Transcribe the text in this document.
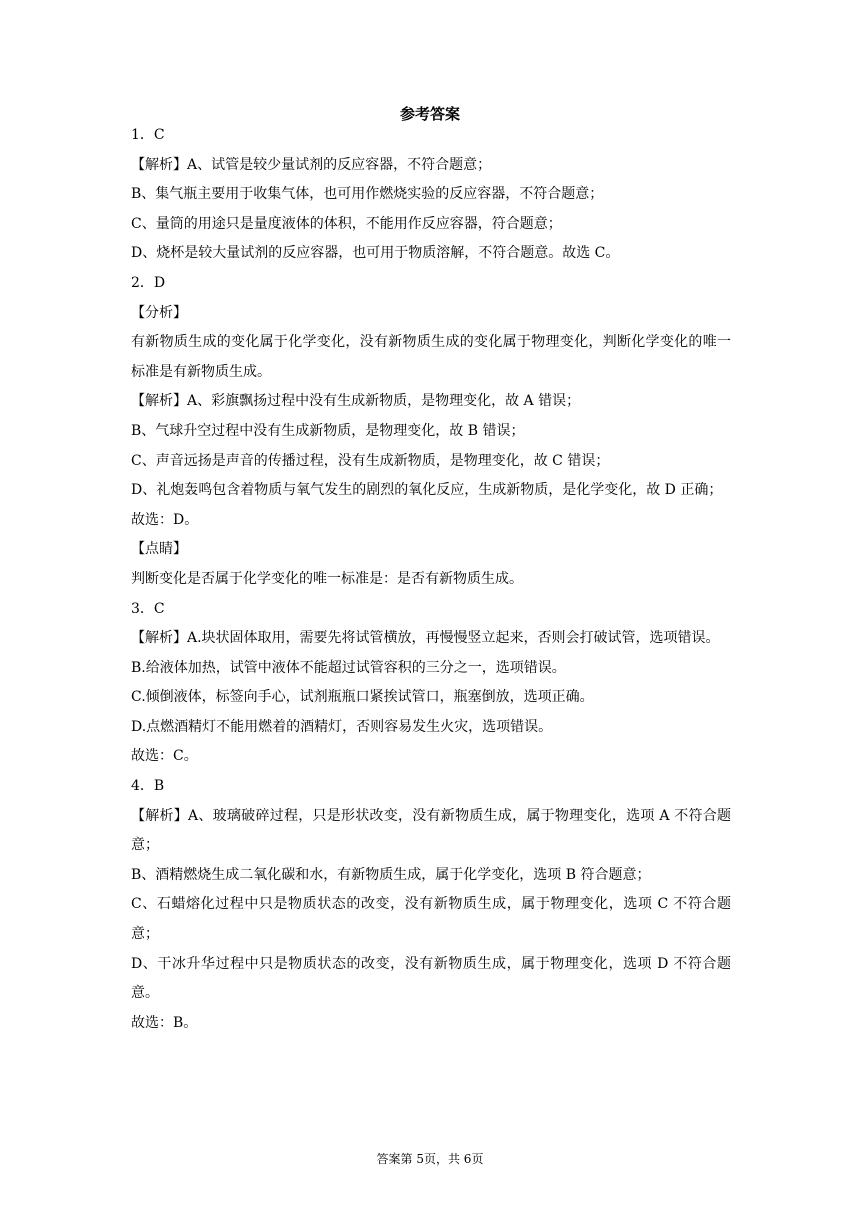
参考答案
1．C
【解析】A、试管是较少量试剂的反应容器，不符合题意；
B、集气瓶主要用于收集气体，也可用作燃烧实验的反应容器，不符合题意；
C、量筒的用途只是量度液体的体积，不能用作反应容器，符合题意；
D、烧杯是较大量试剂的反应容器，也可用于物质溶解，不符合题意。故选 C。
2．D
【分析】
有新物质生成的变化属于化学变化，没有新物质生成的变化属于物理变化，判断化学变化的唯一标准是有新物质生成。
【解析】A、彩旗飘扬过程中没有生成新物质，是物理变化，故 A 错误；
B、气球升空过程中没有生成新物质，是物理变化，故 B 错误；
C、声音远扬是声音的传播过程，没有生成新物质，是物理变化，故 C 错误；
D、礼炮轰鸣包含着物质与氧气发生的剧烈的氧化反应，生成新物质，是化学变化，故 D 正确；
故选：D。
【点睛】
判断变化是否属于化学变化的唯一标准是：是否有新物质生成。
3．C
【解析】A.块状固体取用，需要先将试管横放，再慢慢竖立起来，否则会打破试管，选项错误。
B.给液体加热，试管中液体不能超过试管容积的三分之一，选项错误。
C.倾倒液体，标签向手心，试剂瓶瓶口紧挨试管口，瓶塞倒放，选项正确。
D.点燃酒精灯不能用燃着的酒精灯，否则容易发生火灾，选项错误。
故选：C。
4．B
【解析】A、玻璃破碎过程，只是形状改变，没有新物质生成，属于物理变化，选项 A 不符合题意；
B、酒精燃烧生成二氧化碳和水，有新物质生成，属于化学变化，选项 B 符合题意；
C、石蜡熔化过程中只是物质状态的改变，没有新物质生成，属于物理变化，选项 C 不符合题意；
D、干冰升华过程中只是物质状态的改变，没有新物质生成，属于物理变化，选项 D 不符合题意。
故选：B。
答案第 5页，共 6页
